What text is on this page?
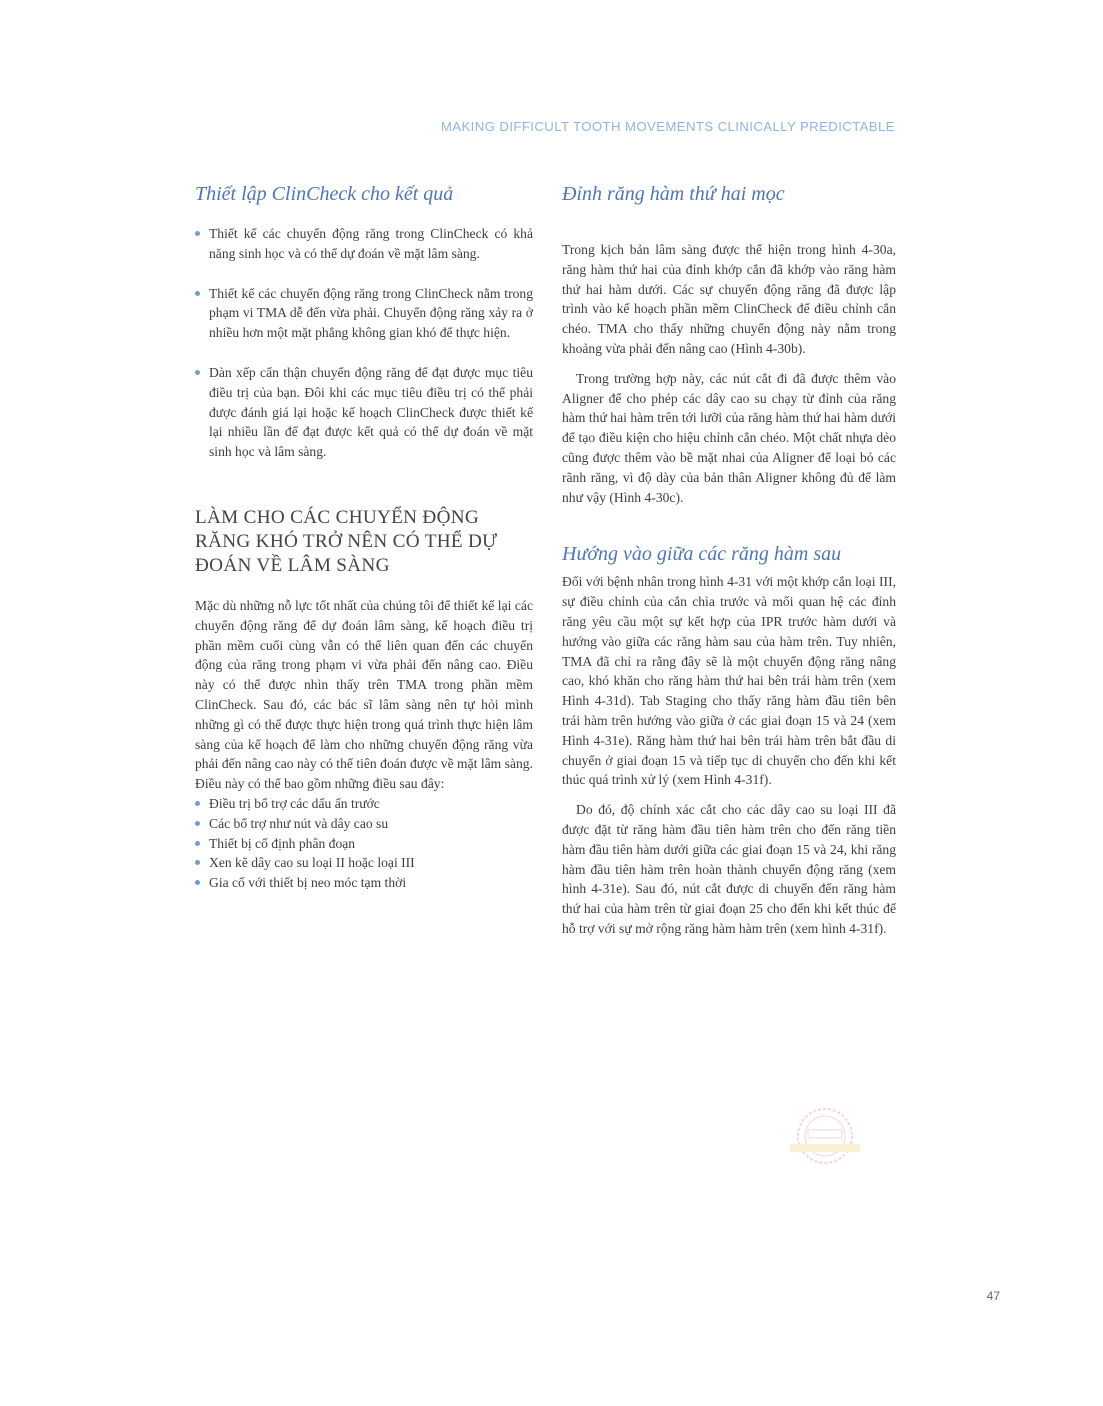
MAKING DIFFICULT TOOTH MOVEMENTS CLINICALLY PREDICTABLE
Thiết lập ClinCheck cho kết quả
Thiết kế các chuyển động răng trong ClinCheck có khả năng sinh học và có thể dự đoán về mặt lâm sàng.
Thiết kế các chuyển động răng trong ClinCheck nằm trong phạm vi TMA dễ đến vừa phải. Chuyển động răng xảy ra ở nhiều hơn một mặt phẳng không gian khó để thực hiện.
Dàn xếp cẩn thận chuyển động răng để đạt được mục tiêu điều trị của bạn. Đôi khi các mục tiêu điều trị có thể phải được đánh giá lại hoặc kế hoạch ClinCheck được thiết kế lại nhiều lần để đạt được kết quả có thể dự đoán về mặt sinh học và lâm sàng.
LÀM CHO CÁC CHUYỂN ĐỘNG RĂNG KHÓ TRỞ NÊN CÓ THỂ DỰ ĐOÁN VỀ LÂM SÀNG

Mặc dù những nỗ lực tốt nhất của chúng tôi để thiết kế lại các chuyển động răng để dự đoán lâm sàng, kế hoạch điều trị phần mềm cuối cùng vẫn có thể liên quan đến các chuyển động của răng trong phạm vi vừa phải đến nâng cao. Điều này có thể được nhìn thấy trên TMA trong phần mềm ClinCheck. Sau đó, các bác sĩ lâm sàng nên tự hỏi mình những gì có thể được thực hiện trong quá trình thực hiện lâm sàng của kế hoạch để làm cho những chuyển động răng vừa phải đến nâng cao này có thể tiên đoán được về mặt lâm sàng. Điều này có thể bao gồm những điều sau đây:

Điều trị bổ trợ các dấu ấn trước
Các bổ trợ như nút và dây cao su
Thiết bị cố định phân đoạn
Xen kẽ dây cao su loại II hoặc loại III
Gia cố với thiết bị neo móc tạm thời
Đỉnh răng hàm thứ hai mọc

Trong kịch bản lâm sàng được thể hiện trong hình 4-30a, răng hàm thứ hai của đỉnh khớp cắn đã khớp vào răng hàm thứ hai hàm dưới. Các sự chuyển động răng đã được lập trình vào kế hoạch phần mềm ClinCheck để điều chỉnh cắn chéo. TMA cho thấy những chuyển động này nằm trong khoảng vừa phải đến nâng cao (Hình 4-30b).

Trong trường hợp này, các nút cắt đi đã được thêm vào Aligner để cho phép các dây cao su chạy từ đỉnh của răng hàm thứ hai hàm trên tới lưỡi của răng hàm thứ hai hàm dưới để tạo điều kiện cho hiệu chỉnh cắn chéo. Một chất nhựa dẻo cũng được thêm vào bề mặt nhai của Aligner để loại bỏ các rãnh răng, vì độ dày của bản thân Aligner không đủ để làm như vậy (Hình 4-30c).

Hướng vào giữa các răng hàm sau

Đối với bệnh nhân trong hình 4-31 với một khớp cắn loại III, sự điều chỉnh của cắn chìa trước và mối quan hệ các đỉnh răng yêu cầu một sự kết hợp của IPR trước hàm dưới và hướng vào giữa các răng hàm sau của hàm trên. Tuy nhiên, TMA đã chỉ ra rằng đây sẽ là một chuyển động răng nâng cao, khó khăn cho răng hàm thứ hai bên trái hàm trên (xem Hình 4-31d). Tab Staging cho thấy răng hàm đầu tiên bên trái hàm trên hướng vào giữa ở các giai đoạn 15 và 24 (xem Hình 4-31e). Răng hàm thứ hai bên trái hàm trên bắt đầu di chuyển ở giai đoạn 15 và tiếp tục di chuyển cho đến khi kết thúc quá trình xử lý (xem Hình 4-31f).

Do đó, độ chính xác cắt cho các dây cao su loại III đã được đặt từ răng hàm đầu tiên hàm trên cho đến răng tiền hàm đầu tiên hàm dưới giữa các giai đoạn 15 và 24, khi răng hàm đầu tiên hàm trên hoàn thành chuyển động răng (xem hình 4-31e). Sau đó, nút cắt được di chuyển đến răng hàm thứ hai của hàm trên từ giai đoạn 25 cho đến khi kết thúc để hỗ trợ với sự mở rộng răng hàm hàm trên (xem hình 4-31f).

47
